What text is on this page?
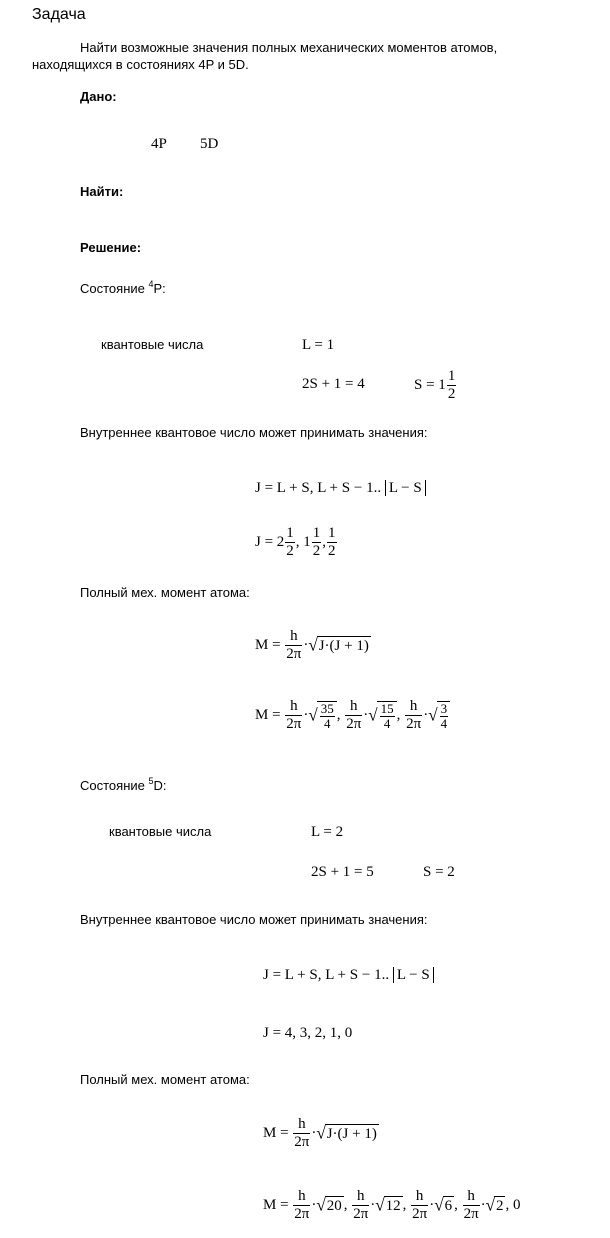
Задача
Найти возможные значения полных механических моментов атомов,
находящихся в состояниях 4P и 5D.
Дано:
4P 5D
Найти:
Решение:
Состояние $^4$P:
квантовые числа	L = 1
2S + 1 = 4	$S = 1 \frac{1}{2}$
Внутреннее квантовое число может принимать значения:
J = L + S, L + S − 1.. L − S
$J = 2 \frac{1}{2}$ , $1 \frac{1}{2}$ , $\frac{1}{2}$
Полный мех. момент атома:
$M = \frac{h}{2\pi} \cdot√J\cdot(J + 1)$
$M = \frac{h}{2\pi}$ ·√ $\frac{35}{4}$ , $\frac{h}{2\pi}$ ·√ $\frac{15}{4}$ , $\frac{h}{2\pi}$ ·√ $\frac{3}{4}$
Состояние $^5$D:
квантовые числа	L = 2
2S + 1 = 5	S = 2
Внутреннее квантовое число может принимать значения:
J = L + S, L + S − 1.. L − S
J = 4, 3, 2, 1, 0
Полный мех. момент атома:
$M = \frac{h}{2\pi} \cdot√J\cdot(J + 1)$
$M = \frac{h}{2\pi} \cdot√20$ , $\frac{h}{2\pi} \cdot√12$ , $\frac{h}{2\pi} \cdot√6$ , $\frac{h}{2\pi} \cdot√2$ , 0
